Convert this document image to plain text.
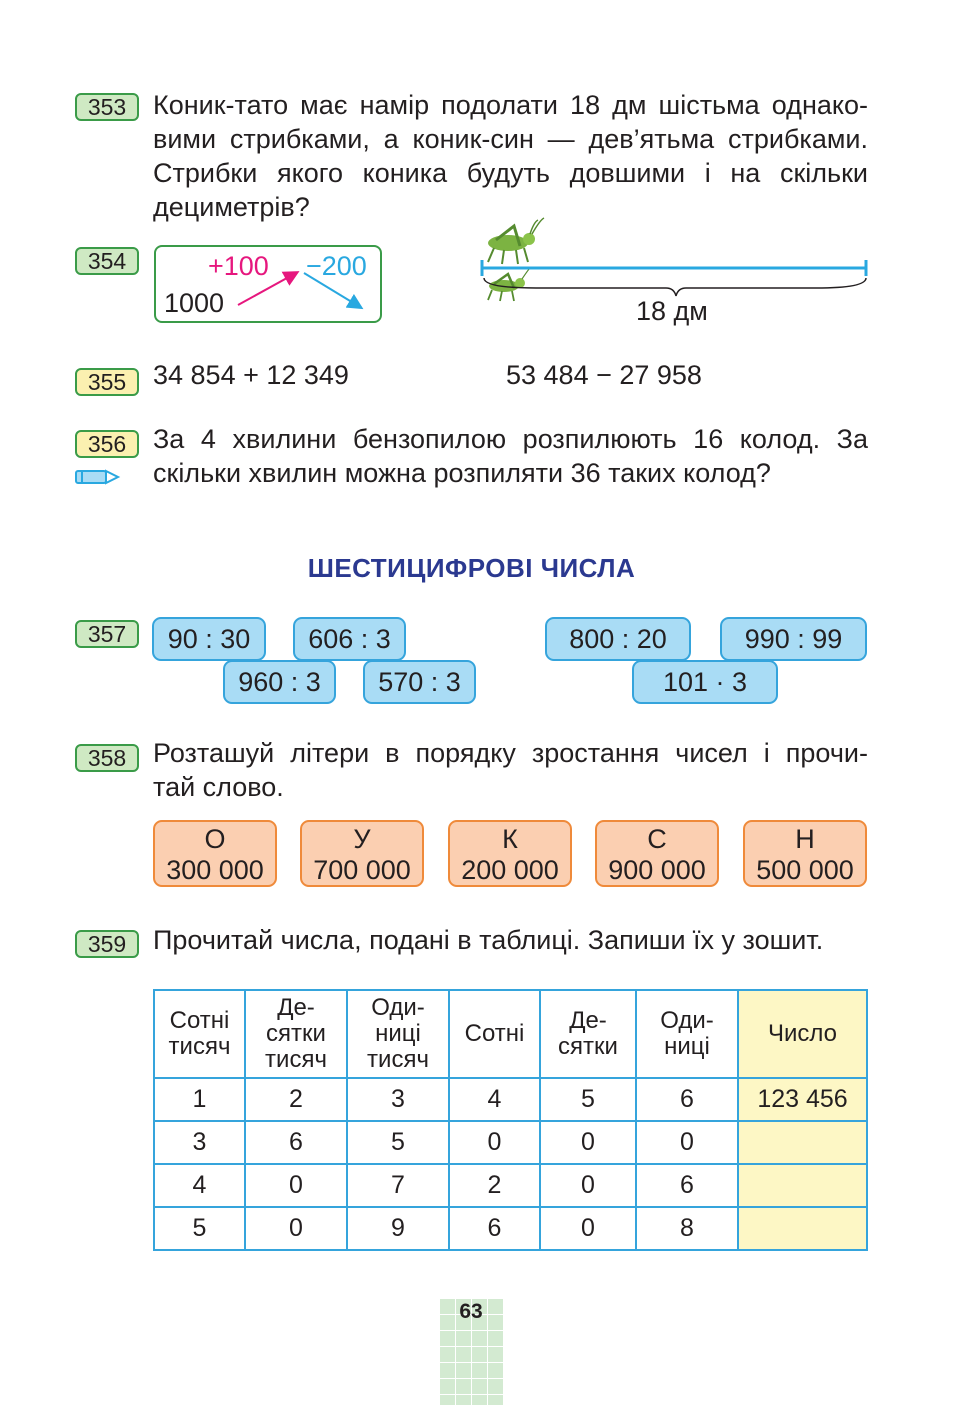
353 Коник-тато має намір подолати 18 дм шістьма однако-
вими стрибками, а коник-син — дев’ятьма стрибками.
Стрибки якого коника будуть довшими і на скільки
дециметрів?
354	+100 −200
1000	18 дм
355 34 854 + 12 349	53 484 − 27 958
356 За 4 хвилини бензопилою розпилюють 16 колод. За
скільки хвилин можна розпиляти 36 таких колод?
ШЕСТИЦИФРОВІ ЧИСЛА
357	90 : 30	606 : 3
960 : 3	570 : 3
800 : 20	990 : 99
101 · 3
358 Розташуй літери в порядку зростання чисел і прочи-
тай слово.
О
300 000
У
700 000
К
200 000
С
900 000
Н
500 000
359 Прочитай числа, подані в таблиці. Запиши їх у зошит.
Сотні
тисяч	Де-
сятки
тисяч	Оди-
ниці
тисяч	Сотні	Де-
сятки	Оди-
ниці	Число
1	2	3	4	5	6	123 456
3	6	5	0	0	0	
4	0	7	2	0	6	
5	0	9	6	0	8	
63
